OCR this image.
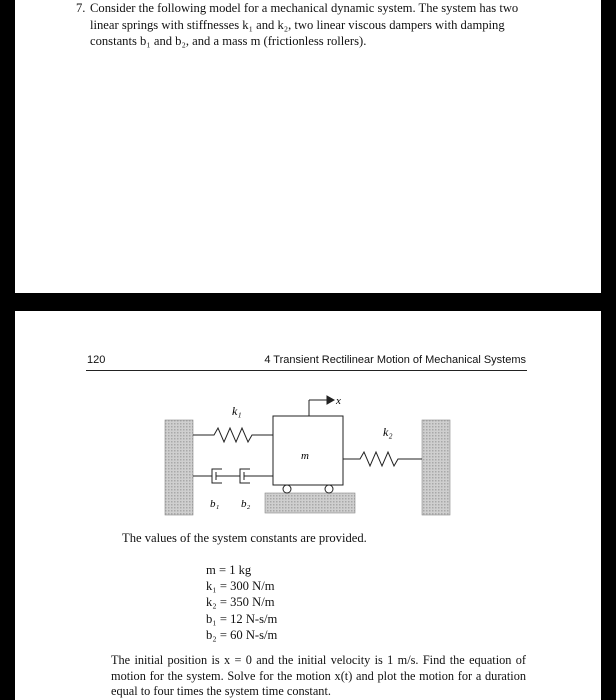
7. Consider the following model for a mechanical dynamic system. The system has two linear springs with stiffnesses k₁ and k₂, two linear viscous dampers with damping constants b₁ and b₂, and a mass m (frictionless rollers).
120	4 Transient Rectilinear Motion of Mechanical Systems
k₁
k₂
m
x
b₁ b₂
The values of the system constants are provided.
m = 1 kg
k₁ = 300 N/m
k₂ = 350 N/m
b₁ = 12 N-s/m
b₂ = 60 N-s/m
The initial position is x = 0 and the initial velocity is 1 m/s. Find the equation of motion for the system. Solve for the motion x(t) and plot the motion for a duration equal to four times the system time constant.
